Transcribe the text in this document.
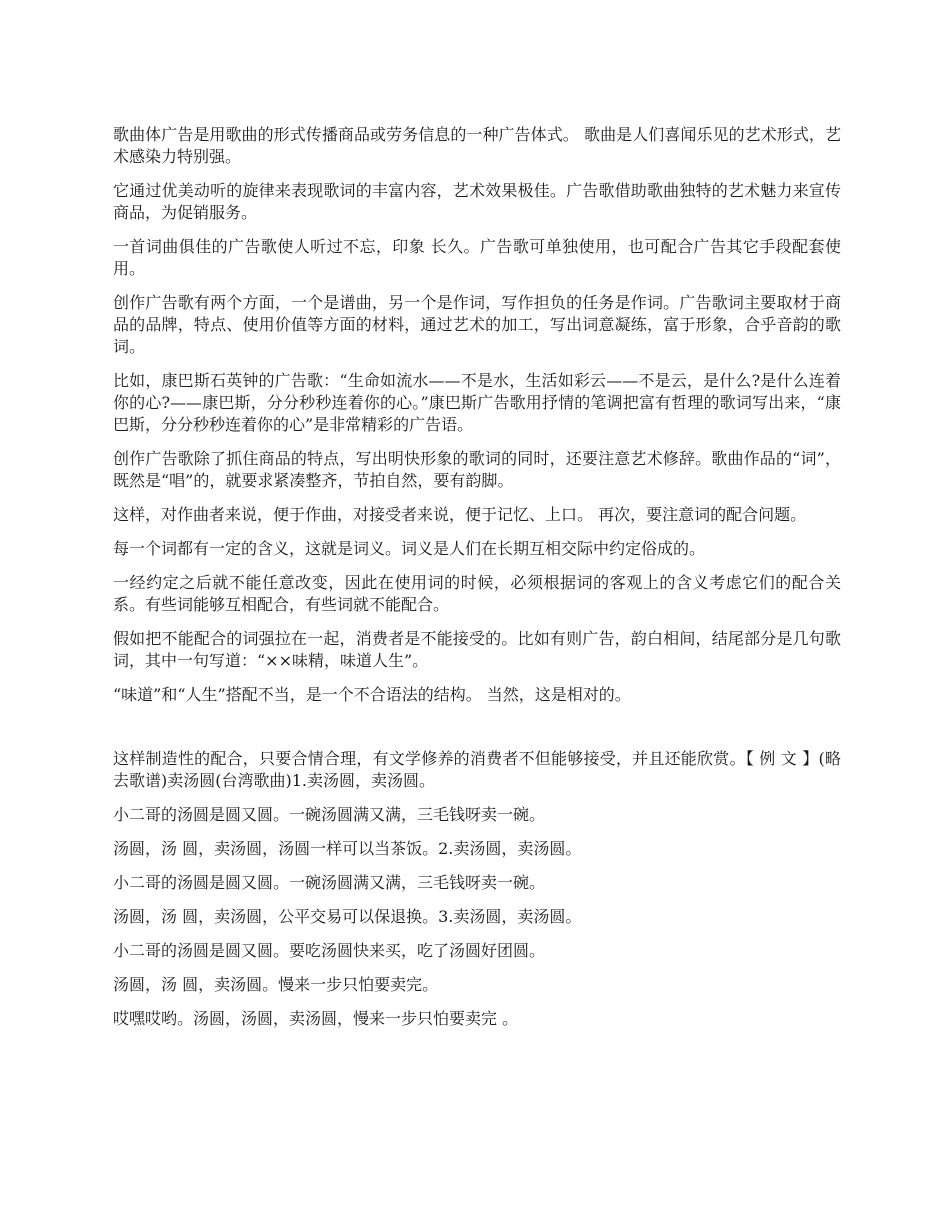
歌曲体广告是用歌曲的形式传播商品或劳务信息的一种广告体式。 歌曲是人们喜闻乐见的艺术形式，艺术感染力特别强。

它通过优美动听的旋律来表现歌词的丰富内容，艺术效果极佳。广告歌借助歌曲独特的艺术魅力来宣传商品，为促销服务。

一首词曲俱佳的广告歌使人听过不忘，印象 长久。广告歌可单独使用，也可配合广告其它手段配套使用。

创作广告歌有两个方面，一个是谱曲，另一个是作词，写作担负的任务是作词。广告歌词主要取材于商品的品牌，特点、使用价值等方面的材料，通过艺术的加工，写出词意凝练，富于形象，合乎音韵的歌词。

比如，康巴斯石英钟的广告歌：“生命如流水——不是水，生活如彩云——不是云，是什么?是什么连着你的心?——康巴斯，分分秒秒连着你的心。”康巴斯广告歌用抒情的笔调把富有哲理的歌词写出来，“康巴斯，分分秒秒连着你的心”是非常精彩的广告语。

创作广告歌除了抓住商品的特点，写出明快形象的歌词的同时，还要注意艺术修辞。歌曲作品的“词”，既然是“唱”的，就要求紧凑整齐，节拍自然，要有韵脚。

这样，对作曲者来说，便于作曲，对接受者来说，便于记忆、上口。 再次，要注意词的配合问题。

每一个词都有一定的含义，这就是词义。词义是人们在长期互相交际中约定俗成的。

一经约定之后就不能任意改变，因此在使用词的时候，必须根据词的客观上的含义考虑它们的配合关系。有些词能够互相配合，有些词就不能配合。

假如把不能配合的词强拉在一起，消费者是不能接受的。比如有则广告，韵白相间，结尾部分是几句歌词，其中一句写道：“××味精，味道人生”。

“味道”和“人生”搭配不当，是一个不合语法的结构。 当然，这是相对的。

这样制造性的配合，只要合情合理，有文学修养的消费者不但能够接受，并且还能欣赏。【 例 文 】(略去歌谱)卖汤圆(台湾歌曲)1.卖汤圆，卖汤圆。

小二哥的汤圆是圆又圆。一碗汤圆满又满，三毛钱呀卖一碗。

汤圆，汤 圆，卖汤圆，汤圆一样可以当茶饭。2.卖汤圆，卖汤圆。

小二哥的汤圆是圆又圆。一碗汤圆满又满，三毛钱呀卖一碗。

汤圆，汤 圆，卖汤圆，公平交易可以保退换。3.卖汤圆，卖汤圆。

小二哥的汤圆是圆又圆。要吃汤圆快来买，吃了汤圆好团圆。

汤圆，汤 圆，卖汤圆。慢来一步只怕要卖完。

哎嘿哎哟。汤圆，汤圆，卖汤圆，慢来一步只怕要卖完 。
